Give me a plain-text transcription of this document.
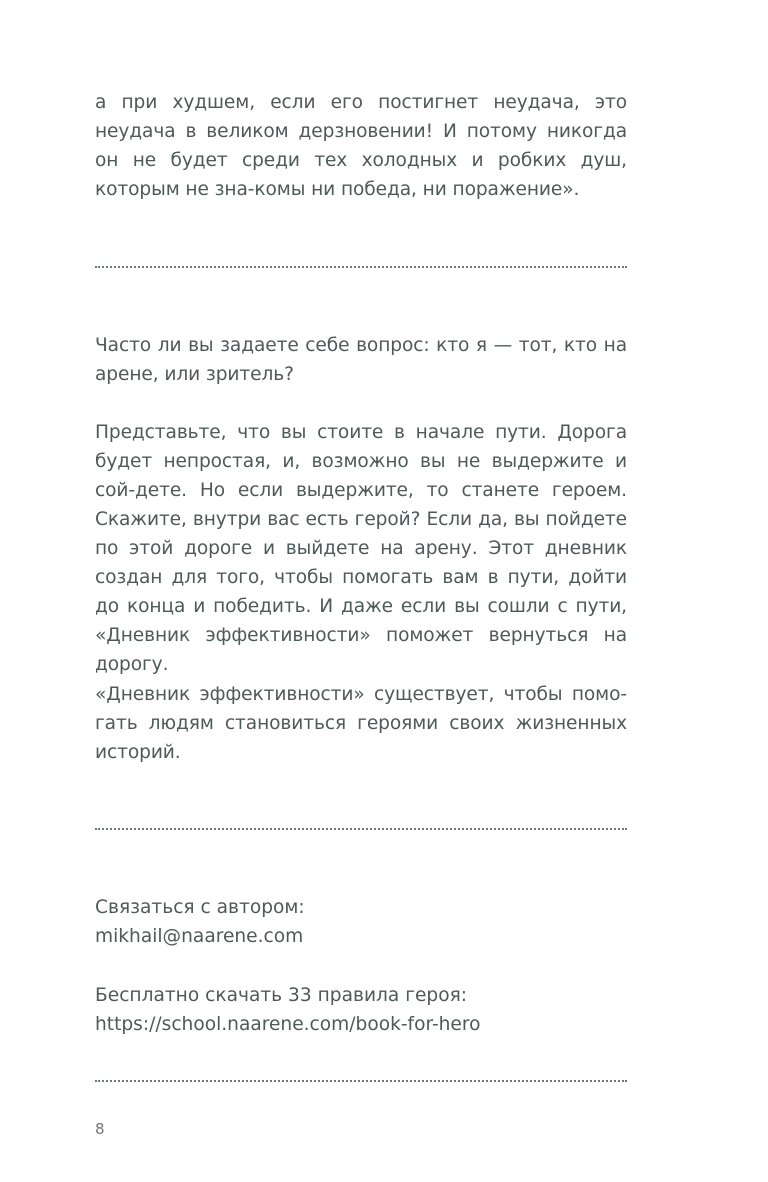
а при худшем, если его постигнет неудача, это неудача в великом дерзновении! И потому никогда он не будет среди тех холодных и робких душ, которым не зна-комы ни победа, ни поражение».

Часто ли вы задаете себе вопрос: кто я — тот, кто на арене, или зритель?

Представьте, что вы стоите в начале пути. Дорога будет непростая, и, возможно вы не выдержите и сой-дете. Но если выдержите, то станете героем. Скажите, внутри вас есть герой? Если да, вы пойдете по этой дороге и выйдете на арену. Этот дневник создан для того, чтобы помогать вам в пути, дойти до конца и победить. И даже если вы сошли с пути, «Дневник эффективности» поможет вернуться на дорогу.

«Дневник эффективности» существует, чтобы помо-гать людям становиться героями своих жизненных историй.

Связаться с автором:
mikhail@naarene.com
Бесплатно скачать 33 правила героя:
https://school.naarene.com/book-for-hero
8
